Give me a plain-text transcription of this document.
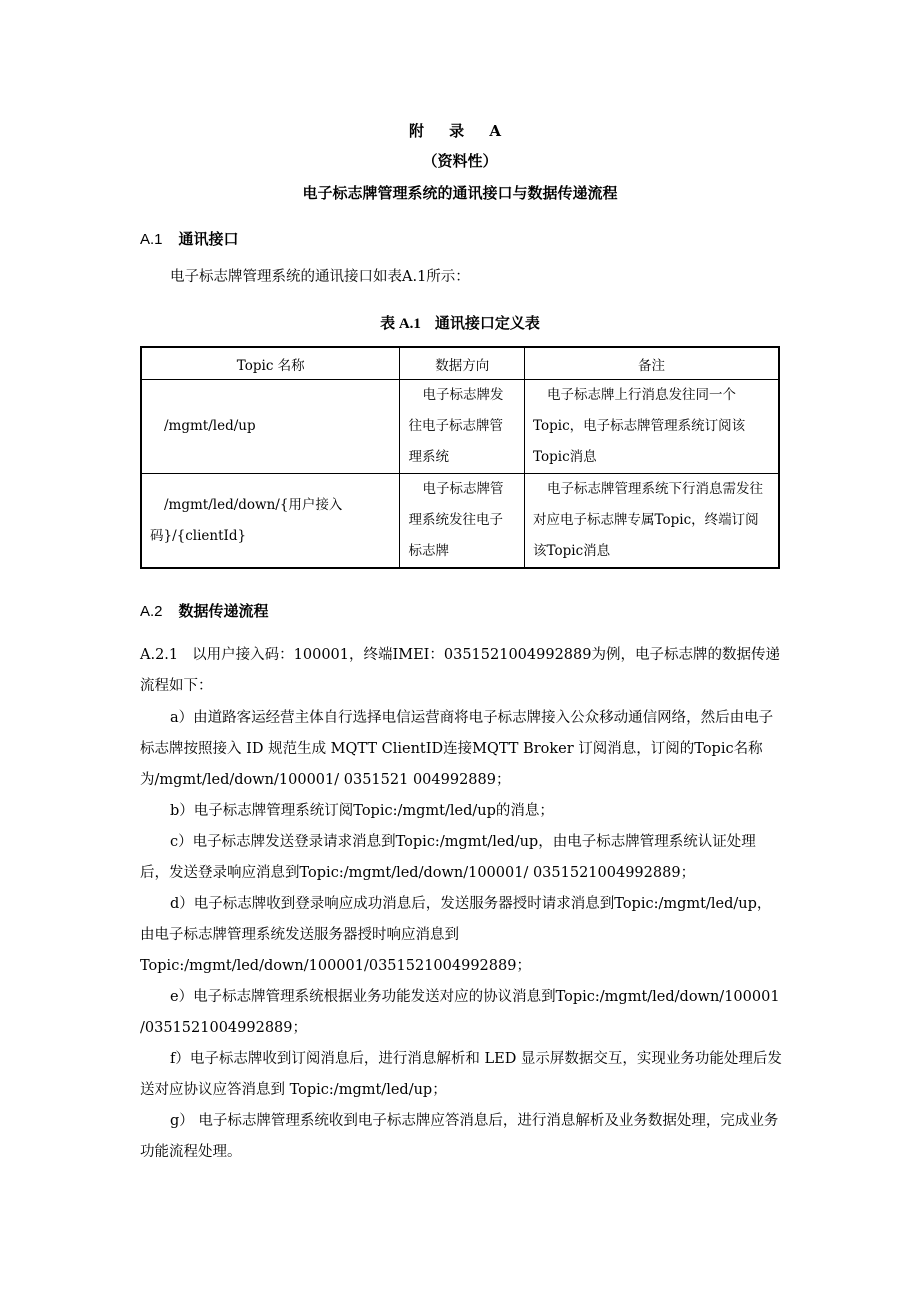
附 录 A
（资料性）
电子标志牌管理系统的通讯接口与数据传递流程
A.1 通讯接口
电子标志牌管理系统的通讯接口如表A.1所示：
表 A.1 通讯接口定义表
Topic 名称	数据方向	备注
/mgmt/led/up	电子标志牌发往电子标志牌管理系统	电子标志牌上行消息发往同一个Topic，电子标志牌管理系统订阅该Topic消息
/mgmt/led/down/{用户接入码}/{clientId}	电子标志牌管理系统发往电子标志牌	电子标志牌管理系统下行消息需发往对应电子标志牌专属Topic，终端订阅该Topic消息
A.2 数据传递流程
A.2.1 以用户接入码：100001，终端IMEI：0351521004992889为例，电子标志牌的数据传递流程如下：
a）由道路客运经营主体自行选择电信运营商将电子标志牌接入公众移动通信网络，然后由电子标志牌按照接入 ID 规范生成 MQTT ClientID连接MQTT Broker 订阅消息，订阅的Topic名称为/mgmt/led/down/100001/ 0351521 004992889；
b）电子标志牌管理系统订阅Topic:/mgmt/led/up的消息；
c）电子标志牌发送登录请求消息到Topic:/mgmt/led/up，由电子标志牌管理系统认证处理后，发送登录响应消息到Topic:/mgmt/led/down/100001/ 0351521004992889；
d）电子标志牌收到登录响应成功消息后，发送服务器授时请求消息到Topic:/mgmt/led/up，由电子标志牌管理系统发送服务器授时响应消息到Topic:/mgmt/led/down/100001/0351521004992889；
e）电子标志牌管理系统根据业务功能发送对应的协议消息到Topic:/mgmt/led/down/100001 /0351521004992889；
f）电子标志牌收到订阅消息后，进行消息解析和 LED 显示屏数据交互，实现业务功能处理后发送对应协议应答消息到 Topic:/mgmt/led/up；
g） 电子标志牌管理系统收到电子标志牌应答消息后，进行消息解析及业务数据处理，完成业务功能流程处理。
